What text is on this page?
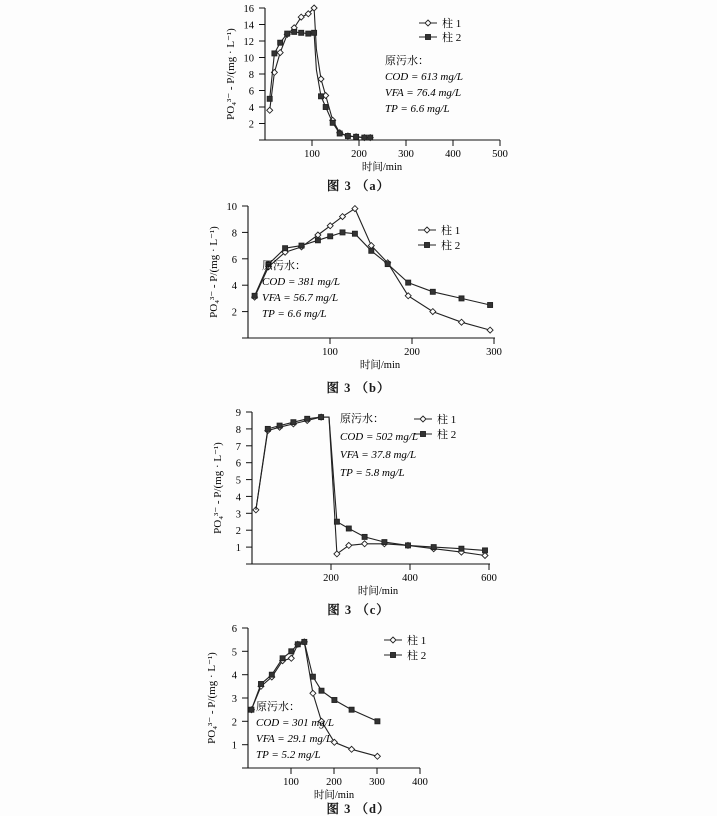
2
4
6
8
10
12
14
16
100	200	300	400	500
PO₄³⁻ - P/(mg · L⁻¹)
时间/min
柱 1
柱 2
原污水：
COD = 613 mg/L
VFA = 76.4 mg/L
TP = 6.6 mg/L
图 3 （a）
2
4
6
8
10
100	200	300
PO₄³⁻ - P/(mg · L⁻¹)
时间/min
柱 1
柱 2
原污水：
COD = 381 mg/L
VFA = 56.7 mg/L
TP = 6.6 mg/L
图 3 （b）
1
2
3
4
5
6
7
8
9
200	400	600
PO₄³⁻ - P/(mg · L⁻¹)
时间/min
柱 1
柱 2
原污水：
COD = 502 mg/L
VFA = 37.8 mg/L
TP = 5.8 mg/L
图 3 （c）
1
2
3
4
5
6
100	200	300	400
PO₄³⁻ - P/(mg · L⁻¹)
时间/min
柱 1
柱 2
原污水：
COD = 301 mg/L
VFA = 29.1 mg/L
TP = 5.2 mg/L
图 3 （d）
